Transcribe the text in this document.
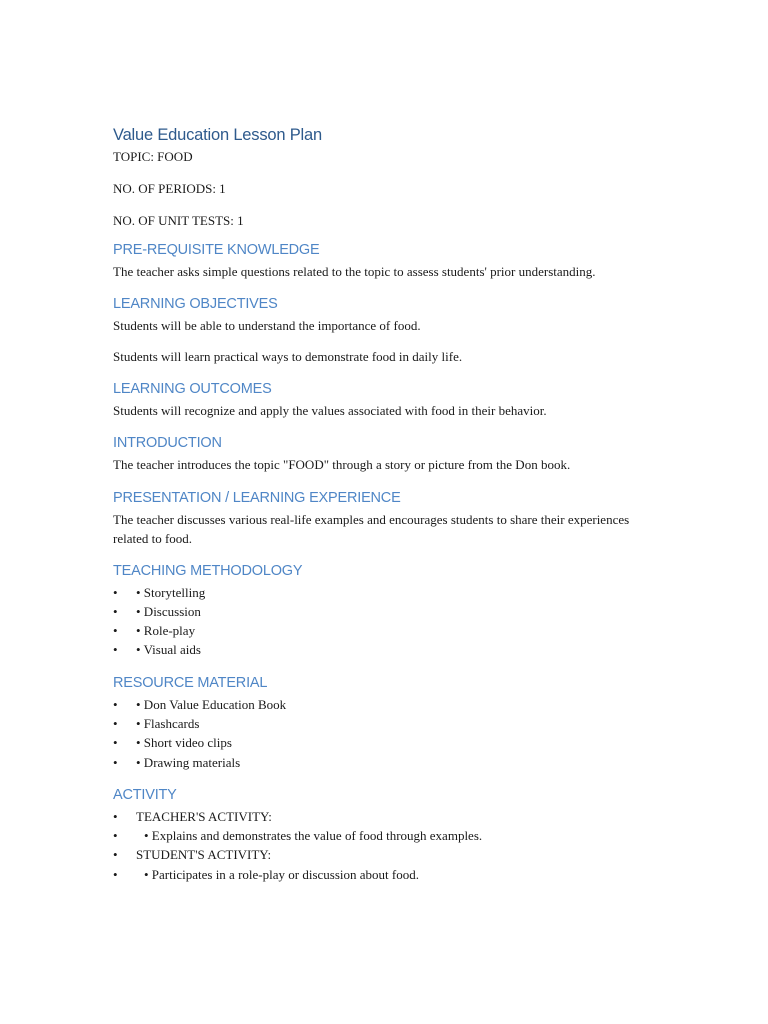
Value Education Lesson Plan
TOPIC: FOOD
NO. OF PERIODS: 1
NO. OF UNIT TESTS: 1
PRE-REQUISITE KNOWLEDGE
The teacher asks simple questions related to the topic to assess students' prior understanding.
LEARNING OBJECTIVES
Students will be able to understand the importance of food.
Students will learn practical ways to demonstrate food in daily life.
LEARNING OUTCOMES
Students will recognize and apply the values associated with food in their behavior.
INTRODUCTION
The teacher introduces the topic "FOOD" through a story or picture from the Don book.
PRESENTATION / LEARNING EXPERIENCE
The teacher discusses various real-life examples and encourages students to share their experiences related to food.
TEACHING METHODOLOGY
• • Storytelling
• • Discussion
• • Role-play
• • Visual aids
RESOURCE MATERIAL
• • Don Value Education Book
• • Flashcards
• • Short video clips
• • Drawing materials
ACTIVITY
• TEACHER'S ACTIVITY:
• • Explains and demonstrates the value of food through examples.
• STUDENT'S ACTIVITY:
• • Participates in a role-play or discussion about food.
